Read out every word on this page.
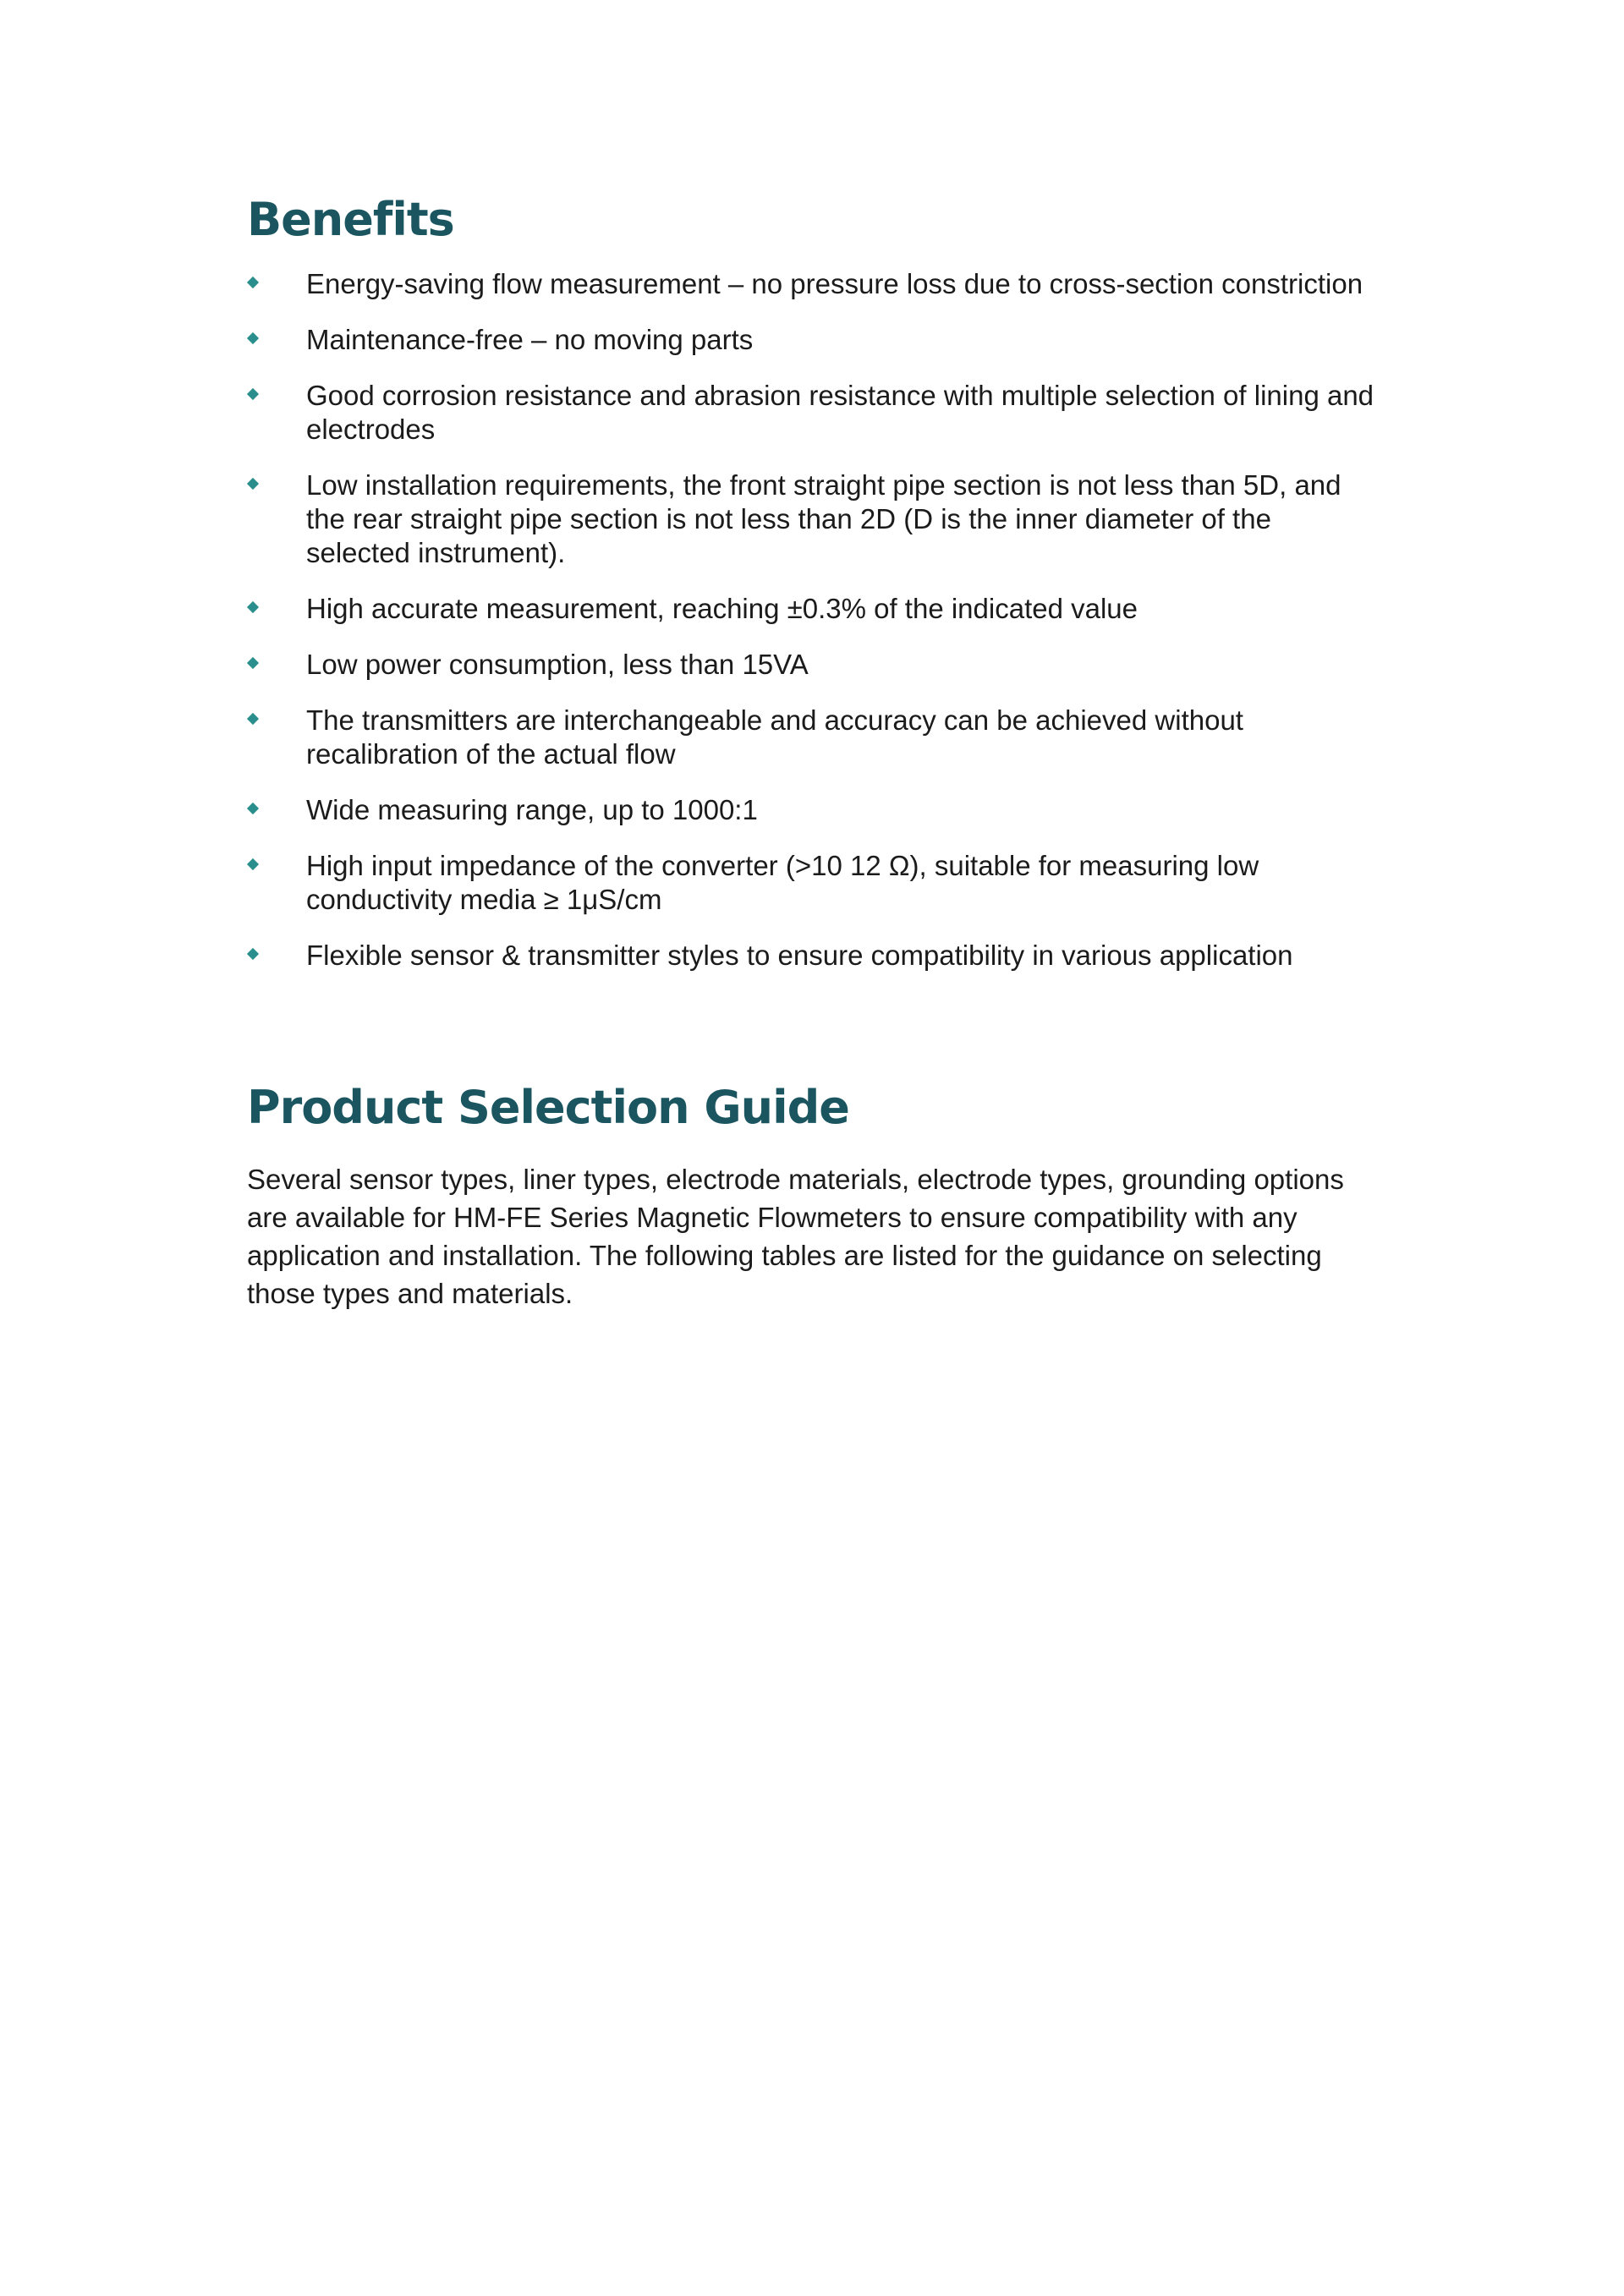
Benefits
Energy-saving flow measurement – no pressure loss due to cross-section constriction
Maintenance-free – no moving parts
Good corrosion resistance and abrasion resistance with multiple selection of lining and electrodes
Low installation requirements, the front straight pipe section is not less than 5D, and the rear straight pipe section is not less than 2D (D is the inner diameter of the selected instrument).
High accurate measurement, reaching ±0.3% of the indicated value
Low power consumption, less than 15VA
The transmitters are interchangeable and accuracy can be achieved without recalibration of the actual flow
Wide measuring range, up to 1000:1
High input impedance of the converter (>10 12 Ω), suitable for measuring low conductivity media ≥ 1μS/cm
Flexible sensor & transmitter styles to ensure compatibility in various application
Product Selection Guide

Several sensor types, liner types, electrode materials, electrode types, grounding options are available for HM-FE Series Magnetic Flowmeters to ensure compatibility with any application and installation. The following tables are listed for the guidance on selecting those types and materials.
